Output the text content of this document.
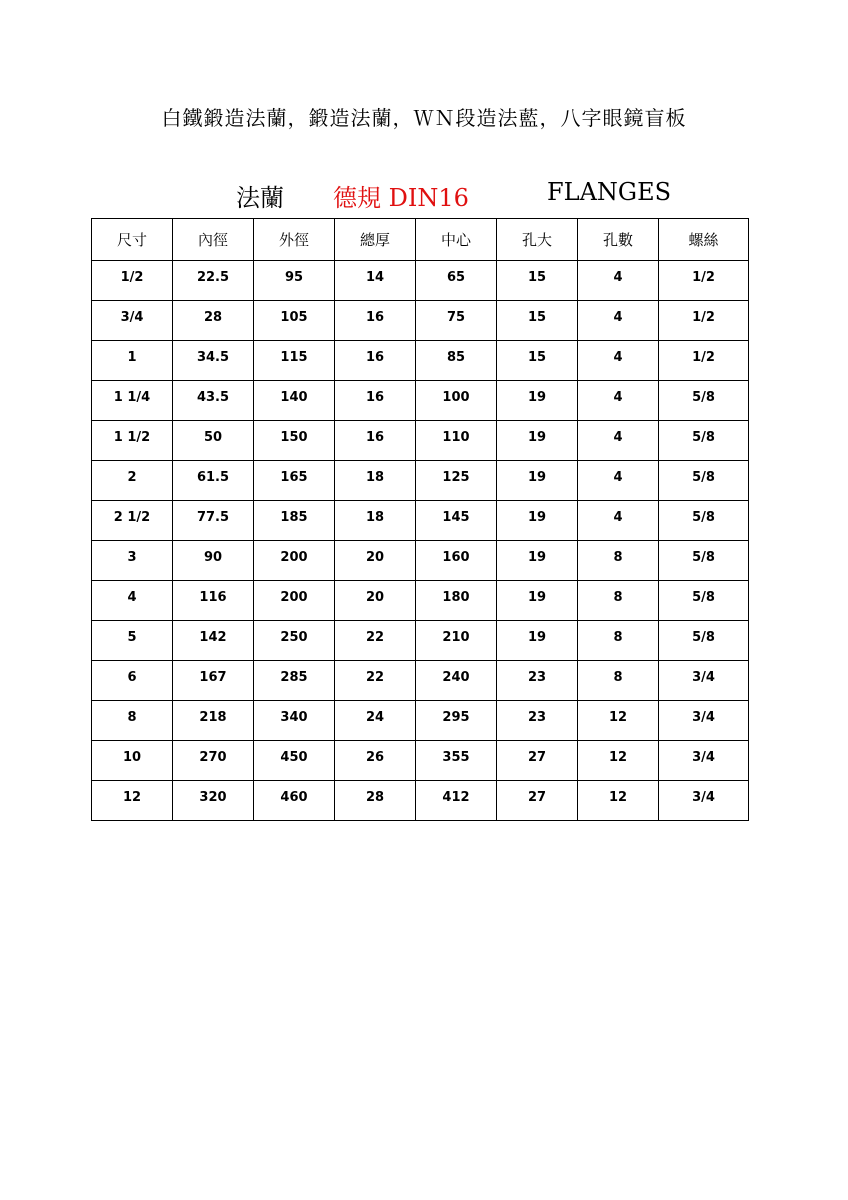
白鐵鍛造法蘭，鍛造法蘭，ＷＮ段造法藍，八字眼鏡盲板
法蘭 德規 DIN16	FLANGES
尺寸	內徑	外徑	總厚	中心	孔大	孔數	螺絲
1/2	22.5	95	14	65	15	4	1/2
3/4	28	105	16	75	15	4	1/2
1	34.5	115	16	85	15	4	1/2
1 1/4	43.5	140	16	100	19	4	5/8
1 1/2	50	150	16	110	19	4	5/8
2	61.5	165	18	125	19	4	5/8
2 1/2	77.5	185	18	145	19	4	5/8
3	90	200	20	160	19	8	5/8
4	116	200	20	180	19	8	5/8
5	142	250	22	210	19	8	5/8
6	167	285	22	240	23	8	3/4
8	218	340	24	295	23	12	3/4
10	270	450	26	355	27	12	3/4
12	320	460	28	412	27	12	3/4
